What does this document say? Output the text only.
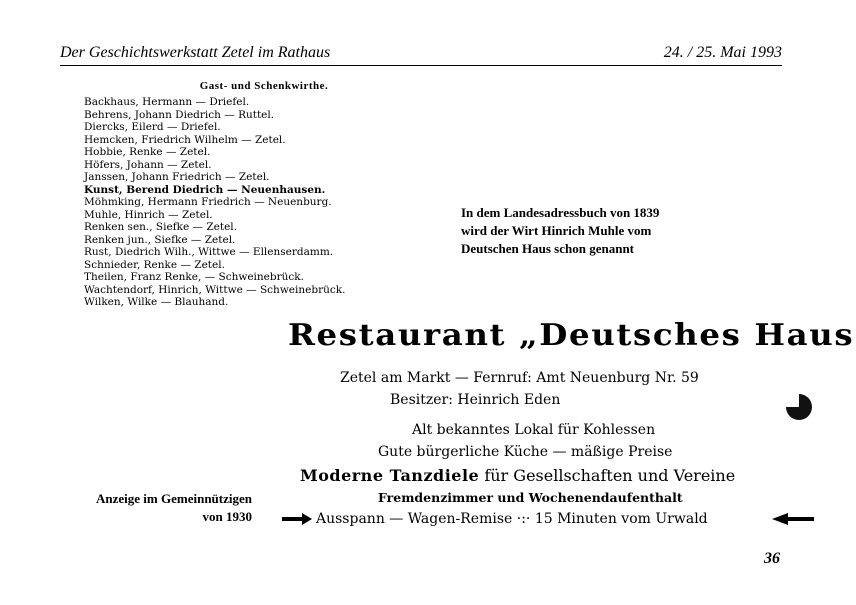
Der Geschichtswerkstatt Zetel im Rathaus	24. / 25. Mai 1993
Gast- und Schenkwirthe.
Backhaus, Hermann — Driefel.
Behrens, Johann Diedrich — Ruttel.
Diercks, Eilerd — Driefel.
Hemcken, Friedrich Wilhelm — Zetel.
Hobbie, Renke — Zetel.
Höfers, Johann — Zetel.
Janssen, Johann Friedrich — Zetel.
Kunst, Berend Diedrich — Neuenhausen.
Möhmking, Hermann Friedrich — Neuenburg.
Muhle, Hinrich — Zetel.
Renken sen., Siefke — Zetel.
Renken jun., Siefke — Zetel.
Rust, Diedrich Wilh., Wittwe — Ellenserdamm.
Schnieder, Renke — Zetel.
Theilen, Franz Renke, — Schweinebrück.
Wachtendorf, Hinrich, Wittwe — Schweinebrück.
Wilken, Wilke — Blauhand.
In dem Landesadressbuch von 1839
wird der Wirt Hinrich Muhle vom
Deutschen Haus schon genannt
Restaurant „Deutsches Haus
Zetel am Markt — Fernruf: Amt Neuenburg Nr. 59
Besitzer: Heinrich Eden
Alt bekanntes Lokal für Kohlessen
Gute bürgerliche Küche — mäßige Preise
Moderne Tanzdiele für Gesellschaften und Vereine
Fremdenzimmer und Wochenendaufenthalt
Ausspann — Wagen-Remise ·:· 15 Minuten vom Urwald
Anzeige im Gemeinnützigen
von 1930
36
